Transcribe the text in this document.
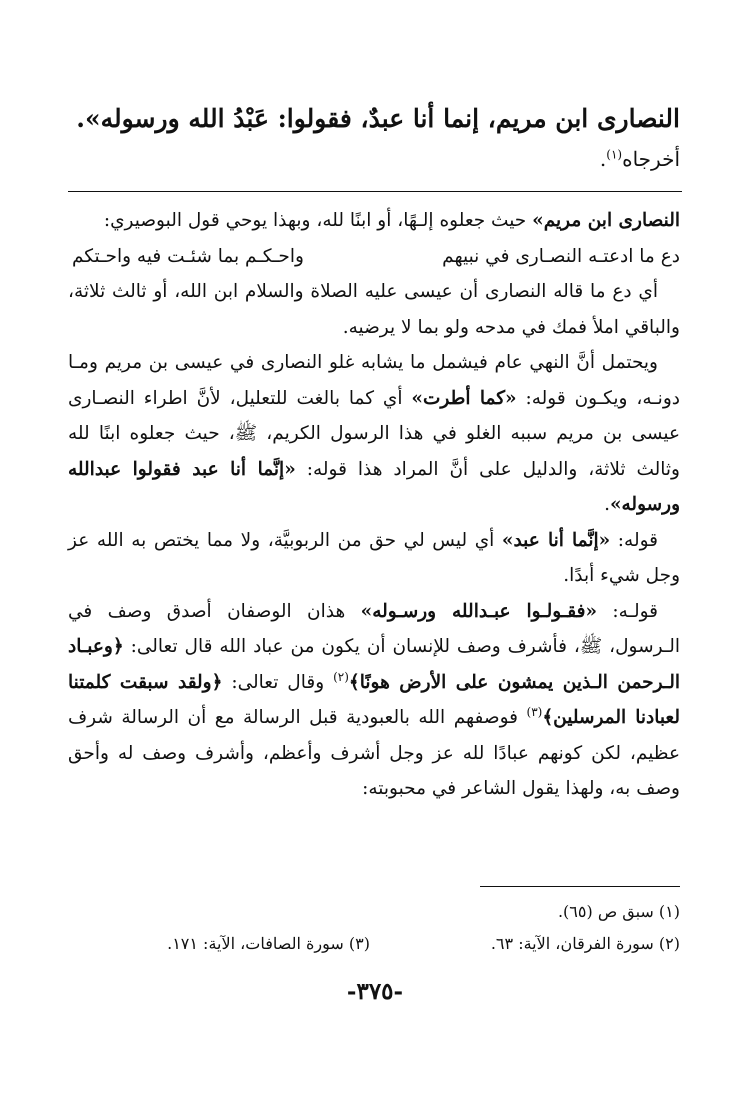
النصارى ابن مريم، إنما أنا عبدٌ، فقولوا: عَبْدُ الله ورسوله».
أخرجاه$^{(١)}$.

النصارى ابن مريم» حيث جعلوه إلـهًا، أو ابنًا لله، وبهذا يوحي قول البوصيري:

دع ما ادعتـه النصـارى في نبيهم
واحـكـم بما شئـت فيه واحـتكم

أي دع ما قاله النصارى أن عيسى عليه الصلاة والسلام ابن الله، أو ثالث ثلاثة، والباقي املأ فمك في مدحه ولو بما لا يرضيه.

ويحتمل أنَّ النهي عام فيشمل ما يشابه غلو النصارى في عيسى بن مريم ومـا دونـه، ويكـون قوله: «كما أطرت» أي كما بالغت للتعليل، لأنَّ اطراء النصـارى عيسى بن مريم سببه الغلو في هذا الرسول الكريم، ﷺ، حيث جعلوه ابنًا لله وثالث ثلاثة، والدليل على أنَّ المراد هذا قوله: «إنَّما أنا عبد فقولوا عبدالله ورسوله».

قوله: «إنَّما أنا عبد» أي ليس لي حق من الربوبيَّة، ولا مما يختص به الله عز وجل شيء أبدًا.

قولـه: «فقـولـوا عبـدالله ورسـوله» هذان الوصفان أصدق وصف في الـرسول، ﷺ، فأشرف وصف للإنسان أن يكون من عباد الله قال تعالى: ﴿وعبـاد الـرحمن الـذين يمشون على الأرض هونًا﴾$^{(٢)}$ وقال تعالى: ﴿ولقد سبقت كلمتنا لعبادنا المرسلين﴾$^{(٣)}$ فوصفهم الله بالعبودية قبل الرسالة مع أن الرسالة شرف عظيم، لكن كونهم عبادًا لله عز وجل أشرف وأعظم، وأشرف وصف له وأحق وصف به، ولهذا يقول الشاعر في محبوبته:

(١) سبق ص (٦٥).
(٢) سورة الفرقان، الآية: ٦٣.
(٣) سورة الصافات، الآية: ١٧١.
-٣٧٥-
